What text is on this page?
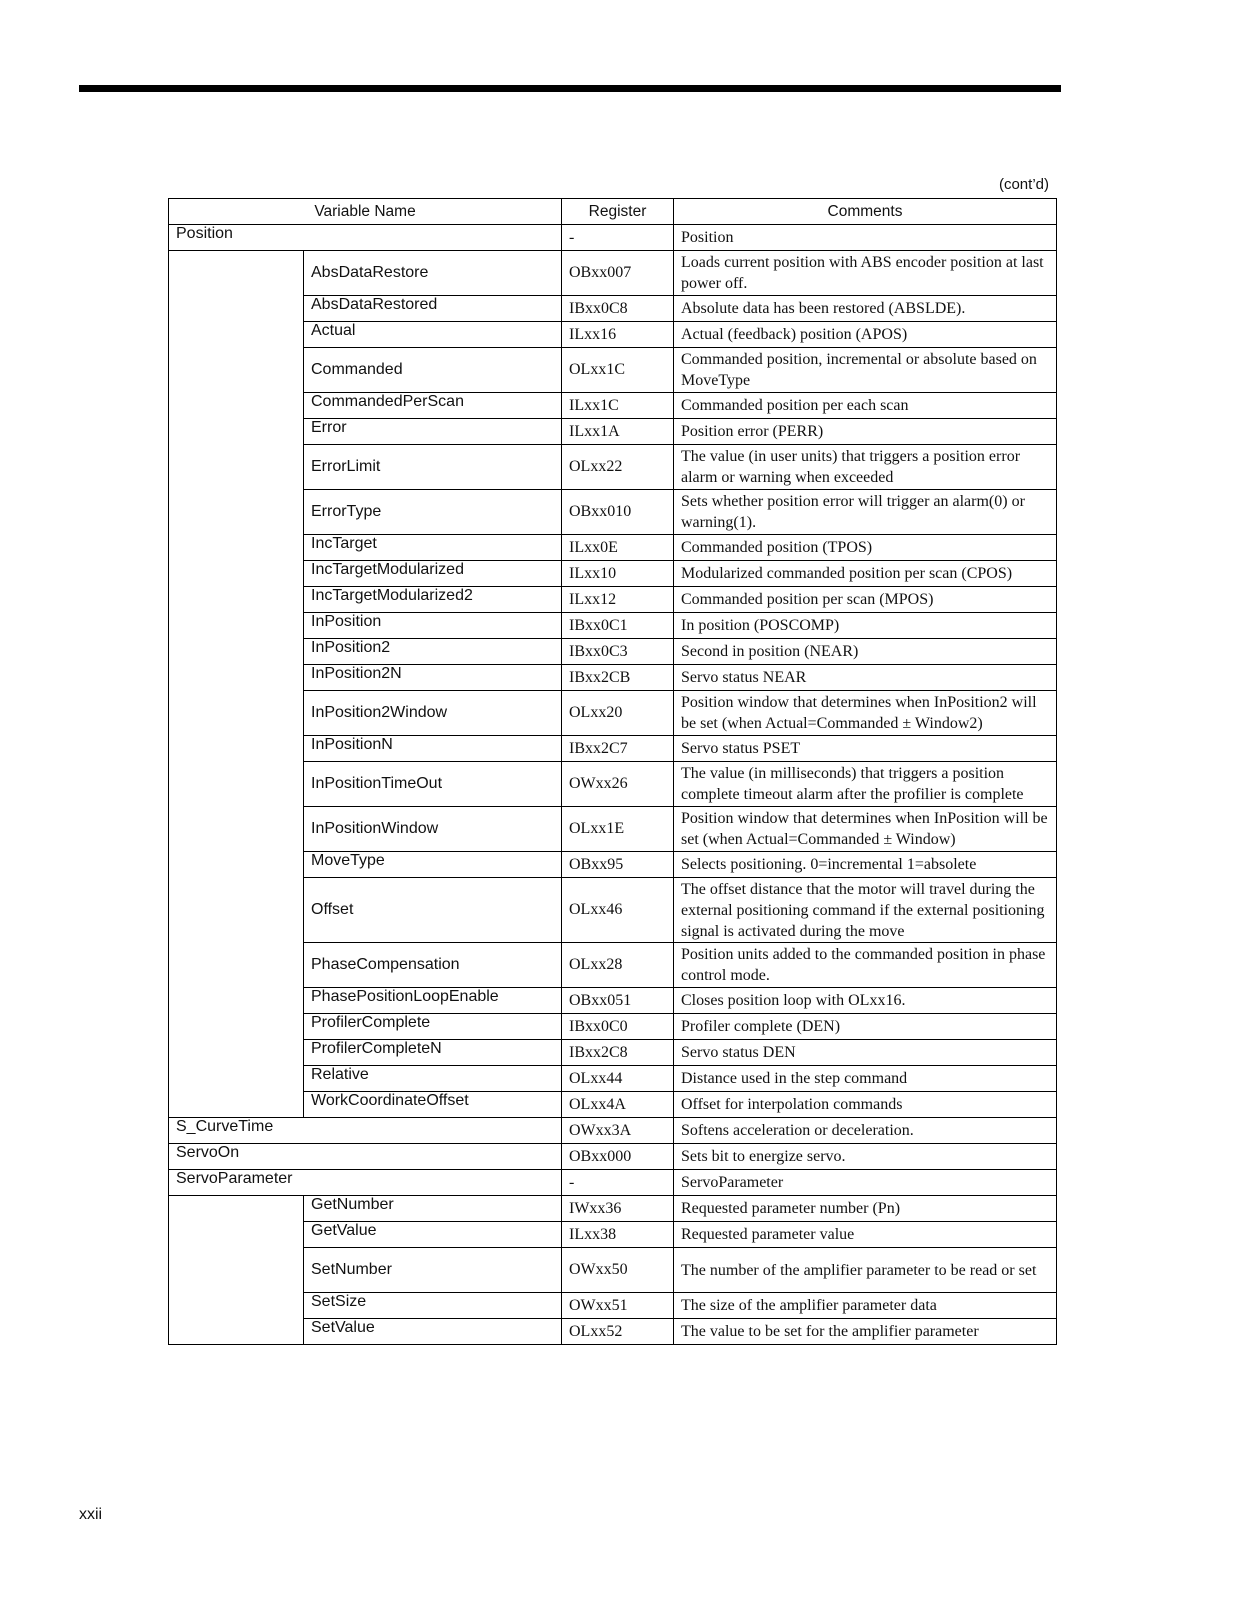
(cont’d)
Variable Name		Register	Comments
Position		-	Position
	AbsDataRestore	OBxx007	Loads current position with ABS encoder position at last power off.
	AbsDataRestored	IBxx0C8	Absolute data has been restored (ABSLDE).
	Actual	ILxx16	Actual (feedback) position (APOS)
	Commanded	OLxx1C	Commanded position, incremental or absolute based on MoveType
	CommandedPerScan	ILxx1C	Commanded position per each scan
	Error	ILxx1A	Position error (PERR)
	ErrorLimit	OLxx22	The value (in user units) that triggers a position error alarm or warning when exceeded
	ErrorType	OBxx010	Sets whether position error will trigger an alarm(0) or warning(1).
	IncTarget	ILxx0E	Commanded position (TPOS)
	IncTargetModularized	ILxx10	Modularized commanded position per scan (CPOS)
	IncTargetModularized2	ILxx12	Commanded position per scan (MPOS)
	InPosition	IBxx0C1	In position (POSCOMP)
	InPosition2	IBxx0C3	Second in position (NEAR)
	InPosition2N	IBxx2CB	Servo status NEAR
	InPosition2Window	OLxx20	Position window that determines when InPosition2 will be set (when Actual=Commanded ± Window2)
	InPositionN	IBxx2C7	Servo status PSET
	InPositionTimeOut	OWxx26	The value (in milliseconds) that triggers a position complete timeout alarm after the profilier is complete
	InPositionWindow	OLxx1E	Position window that determines when InPosition will be set (when Actual=Commanded ± Window)
	MoveType	OBxx95	Selects positioning. 0=incremental 1=absolete
	Offset	OLxx46	The offset distance that the motor will travel during the external positioning command if the external positioning signal is activated during the move
	PhaseCompensation	OLxx28	Position units added to the commanded position in phase control mode.
	PhasePositionLoopEnable	OBxx051	Closes position loop with OLxx16.
	ProfilerComplete	IBxx0C0	Profiler complete (DEN)
	ProfilerCompleteN	IBxx2C8	Servo status DEN
	Relative	OLxx44	Distance used in the step command
	WorkCoordinateOffset	OLxx4A	Offset for interpolation commands
S_CurveTime		OWxx3A	Softens acceleration or deceleration.
ServoOn		OBxx000	Sets bit to energize servo.
ServoParameter		-	ServoParameter
	GetNumber	IWxx36	Requested parameter number (Pn)
	GetValue	ILxx38	Requested parameter value
	SetNumber	OWxx50	The number of the amplifier parameter to be read or set
	SetSize	OWxx51	The size of the amplifier parameter data
	SetValue	OLxx52	The value to be set for the amplifier parameter
xxii
